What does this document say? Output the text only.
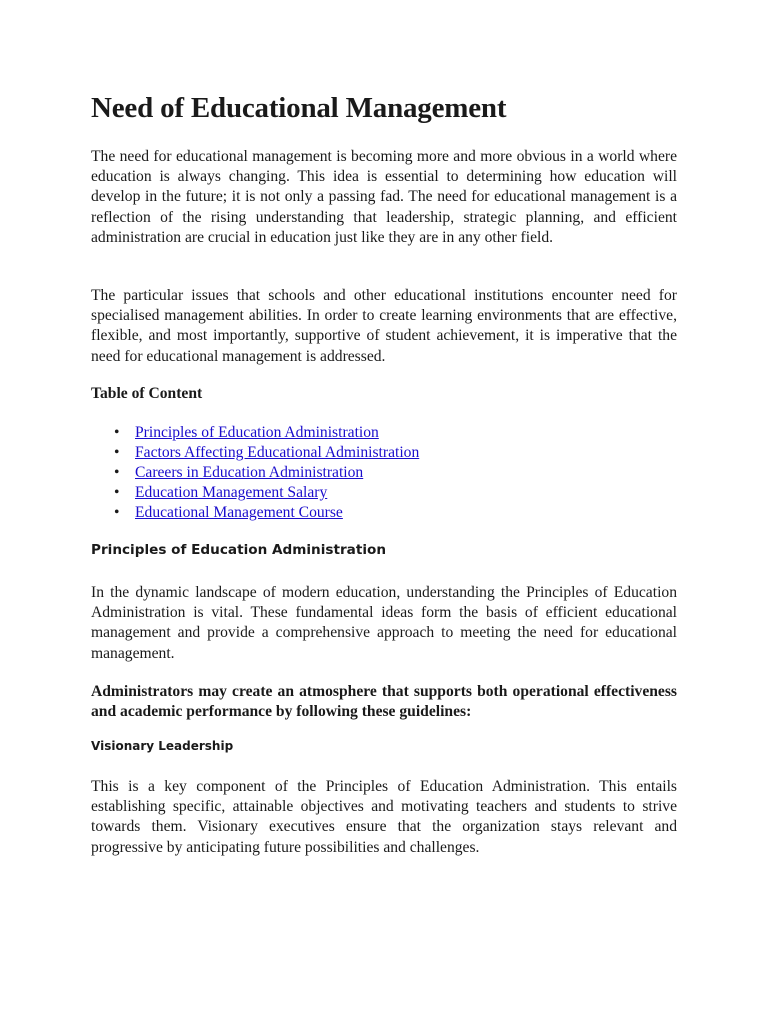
Need of Educational Management

The need for educational management is becoming more and more obvious in a world where education is always changing. This idea is essential to determining how education will develop in the future; it is not only a passing fad. The need for educational management is a reflection of the rising understanding that leadership, strategic planning, and efficient administration are crucial in education just like they are in any other field.

The particular issues that schools and other educational institutions encounter need for specialised management abilities. In order to create learning environments that are effective, flexible, and most importantly, supportive of student achievement, it is imperative that the need for educational management is addressed.

Table of Content
• Principles of Education Administration
• Factors Affecting Educational Administration
• Careers in Education Administration
• Education Management Salary
• Educational Management Course
Principles of Education Administration

In the dynamic landscape of modern education, understanding the Principles of Education Administration is vital. These fundamental ideas form the basis of efficient educational management and provide a comprehensive approach to meeting the need for educational management.

Administrators may create an atmosphere that supports both operational effectiveness and academic performance by following these guidelines:

Visionary Leadership

This is a key component of the Principles of Education Administration. This entails establishing specific, attainable objectives and motivating teachers and students to strive towards them. Visionary executives ensure that the organization stays relevant and progressive by anticipating future possibilities and challenges.
